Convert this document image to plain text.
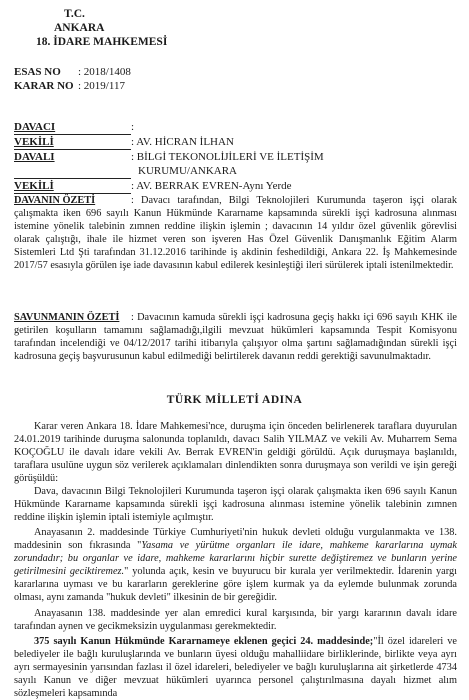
T.C.
ANKARA
18. İDARE MAHKEMESİ
ESAS NO : 2018/1408
KARAR NO : 2019/117
DAVACI	:
VEKİLİ	: AV. HİCRAN İLHAN
DAVALI	: BİLGİ TEKONOLİJİLERİ VE İLETİŞİM
KURUMU/ANKARA
VEKİLİ	: AV. BERRAK EVREN-Aynı Yerde
DAVANIN ÖZETİ	: Davacı tarafından, Bilgi Teknolojileri Kurumunda taşeron işçi olarak çalışmakta iken 696 sayılı Kanun Hükmünde Kararname kapsamında sürekli işçi kadrosuna alınması istemine yönelik talebinin zımnen reddine ilişkin işlemin ; davacının 14 yıldır özel güvenlik görevlisi olarak çalıştığı, ihale ile hizmet veren son işveren Has Özel Güvenlik Danışmanlık Eğitim Alarm Sistemleri Ltd Şti tarafından 31.12.2016 tarihinde iş akdinin feshedildiği, Ankara 22. İş Mahkemesinde 2017/57 esasıyla görülen işe iade davasının kabul edilerek kesinleştiği ileri sürülerek iptali istenilmektedir.
SAVUNMANIN ÖZETİ : Davacının kamuda sürekli işçi kadrosuna geçiş hakkı içi 696 sayılı KHK ile getirilen koşulların tamamını sağlamadığı,ilgili mevzuat hükümleri kapsamında Tespit Komisyonu tarafından incelendiği ve 04/12/2017 tarihi itibarıyla çalışıyor olma şartını sağlamadığından sürekli işçi kadrosuna geçiş başvurusunun kabul edilmediği belirtilerek davanın reddi gerektiği savunulmaktadır.
TÜRK MİLLETİ ADINA
Karar veren Ankara 18. İdare Mahkemesi'nce, duruşma için önceden belirlenerek taraflara duyurulan 24.01.2019 tarihinde duruşma salonunda toplanıldı, davacı Salih YILMAZ ve vekili Av. Muharrem Sema KOÇOĞLU ile davalı idare vekili Av. Berrak EVREN'in geldiği görüldü. Açık duruşmaya başlanıldı, taraflara usulüne uygun söz verilerek açıklamaları dinlendikten sonra duruşmaya son verildi ve işin gereği görüşüldü:
Dava, davacının Bilgi Teknolojileri Kurumunda taşeron işçi olarak çalışmakta iken 696 sayılı Kanun Hükmünde Kararname kapsamında sürekli işçi kadrosuna alınması istemine yönelik talebinin zımnen reddine ilişkin işlemin iptali istemiyle açılmıştır.
Anayasanın 2. maddesinde Türkiye Cumhuriyeti'nin hukuk devleti olduğu vurgulanmakta ve 138. maddesinin son fıkrasında "Yasama ve yürütme organları ile idare, mahkeme kararlarına uymak zorundadır; bu organlar ve idare, mahkeme kararlarını hiçbir surette değiştiremez ve bunların yerine getirilmesini geciktiremez." yolunda açık, kesin ve buyurucu bir kurala yer verilmektedir. İdarenin yargı kararlarına uyması ve bu kararların gereklerine göre işlem kurmak ya da eylemde bulunmak zorunda olması, aynı zamanda "hukuk devleti" ilkesinin de bir gereğidir.
Anayasanın 138. maddesinde yer alan emredici kural karşısında, bir yargı kararının davalı idare tarafından aynen ve gecikmeksizin uygulanması gerekmektedir.
375 sayılı Kanun Hükmünde Kararnameye eklenen geçici 24. maddesinde;"İl özel idareleri ve belediyeler ile bağlı kuruluşlarında ve bunların üyesi olduğu mahalliidare birliklerinde, birlikte veya ayrı ayrı sermayesinin yarısından fazlası il özel idareleri, belediyeler ve bağlı kuruluşlarına ait şirketlerde 4734 sayılı Kanun ve diğer mevzuat hükümleri uyarınca personel çalıştırılmasına dayalı hizmet alım sözleşmeleri kapsamında
